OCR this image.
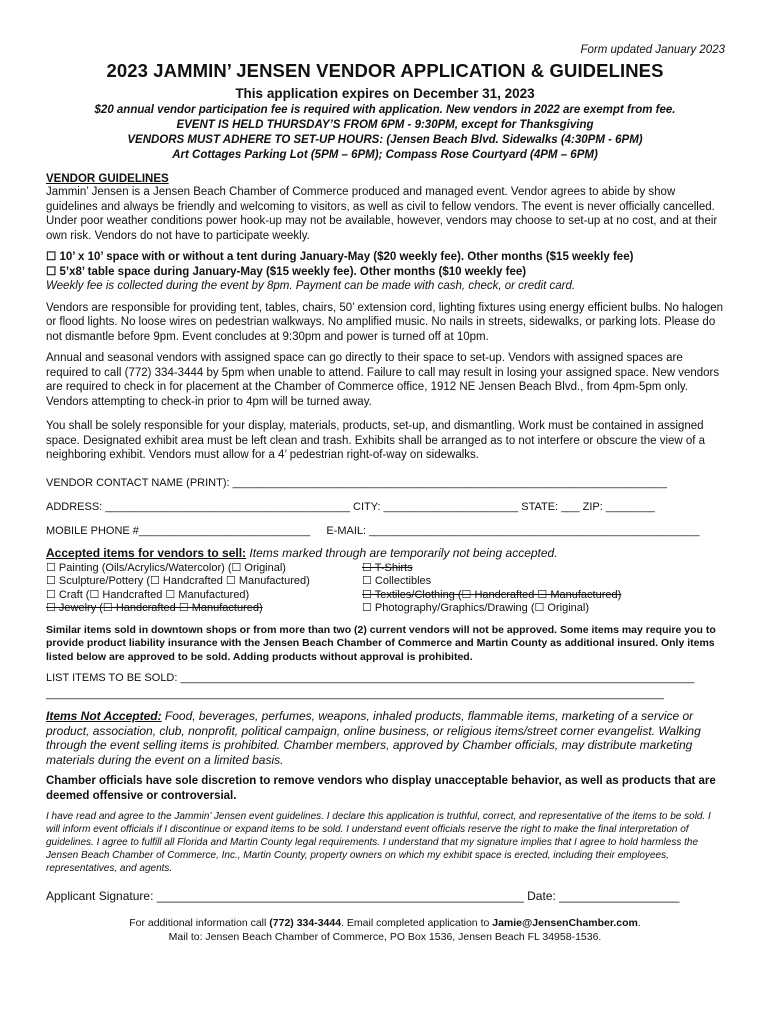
Form updated January 2023
2023 JAMMIN’ JENSEN VENDOR APPLICATION & GUIDELINES
This application expires on December 31, 2023
$20 annual vendor participation fee is required with application. New vendors in 2022 are exempt from fee.
EVENT IS HELD THURSDAY’S FROM 6PM - 9:30PM, except for Thanksgiving
VENDORS MUST ADHERE TO SET-UP HOURS: (Jensen Beach Blvd. Sidewalks (4:30PM - 6PM)
Art Cottages Parking Lot (5PM – 6PM); Compass Rose Courtyard (4PM – 6PM)
VENDOR GUIDELINES

Jammin’ Jensen is a Jensen Beach Chamber of Commerce produced and managed event. Vendor agrees to abide by show guidelines and always be friendly and welcoming to visitors, as well as civil to fellow vendors. The event is never officially cancelled. Under poor weather conditions power hook-up may not be available, however, vendors may choose to set-up at no cost, and at their own risk. Vendors do not have to participate weekly.

☐ 10’ x 10’ space with or without a tent during January-May ($20 weekly fee). Other months ($15 weekly fee)

☐ 5’x8’ table space during January-May ($15 weekly fee). Other months ($10 weekly fee)

Weekly fee is collected during the event by 8pm. Payment can be made with cash, check, or credit card.

Vendors are responsible for providing tent, tables, chairs, 50’ extension cord, lighting fixtures using energy efficient bulbs. No halogen or flood lights. No loose wires on pedestrian walkways. No amplified music. No nails in streets, sidewalks, or parking lots. Please do not dismantle before 9pm. Event concludes at 9:30pm and power is turned off at 10pm.

Annual and seasonal vendors with assigned space can go directly to their space to set-up. Vendors with assigned spaces are required to call (772) 334-3444 by 5pm when unable to attend. Failure to call may result in losing your assigned space. New vendors are required to check in for placement at the Chamber of Commerce office, 1912 NE Jensen Beach Blvd., from 4pm-5pm only. Vendors attempting to check-in prior to 4pm will be turned away.

You shall be solely responsible for your display, materials, products, set-up, and dismantling. Work must be contained in assigned space. Designated exhibit area must be left clean and trash. Exhibits shall be arranged as to not interfere or obscure the view of a neighboring exhibit. Vendors must allow for a 4’ pedestrian right-of-way on sidewalks.

VENDOR CONTACT NAME (PRINT): _______________________________________________________________________
ADDRESS: ________________________________________ CITY: ______________________ STATE: ___ ZIP: ________
MOBILE PHONE #____________________________ E-MAIL: ______________________________________________________
Accepted items for vendors to sell: Items marked through are temporarily not being accepted.
☐ Painting (Oils/Acrylics/Watercolor) (☐ Original)
☐ Sculpture/Pottery (☐ Handcrafted ☐ Manufactured)
☐ Craft (☐ Handcrafted ☐ Manufactured)
☐ Jewelry (☐ Handcrafted ☐ Manufactured)
☐ T-Shirts
☐ Collectibles
☐ Textiles/Clothing (☐ Handcrafted ☐ Manufactured)
☐ Photography/Graphics/Drawing (☐ Original)
Similar items sold in downtown shops or from more than two (2) current vendors will not be approved. Some items may require you to provide product liability insurance with the Jensen Beach Chamber of Commerce and Martin County as additional insured. Only items listed below are approved to be sold. Adding products without approval is prohibited.
LIST ITEMS TO BE SOLD: ____________________________________________________________________________________
_____________________________________________________________________________________________________
Items Not Accepted: Food, beverages, perfumes, weapons, inhaled products, flammable items, marketing of a service or product, association, club, nonprofit, political campaign, online business, or religious items/street corner evangelist. Walking through the event selling items is prohibited. Chamber members, approved by Chamber officials, may distribute marketing materials during the event on a limited basis.
Chamber officials have sole discretion to remove vendors who display unacceptable behavior, as well as products that are deemed offensive or controversial.
I have read and agree to the Jammin’ Jensen event guidelines. I declare this application is truthful, correct, and representative of the items to be sold. I will inform event officials if I discontinue or expand items to be sold. I understand event officials reserve the right to make the final interpretation of guidelines. I agree to fulfill all Florida and Martin County legal requirements. I understand that my signature implies that I agree to hold harmless the Jensen Beach Chamber of Commerce, Inc., Martin County, property owners on which my exhibit space is erected, including their employees, representatives, and agents.
Applicant Signature: _______________________________________________________ Date: __________________
For additional information call (772) 334-3444. Email completed application to Jamie@JensenChamber.com.
Mail to: Jensen Beach Chamber of Commerce, PO Box 1536, Jensen Beach FL 34958-1536.
